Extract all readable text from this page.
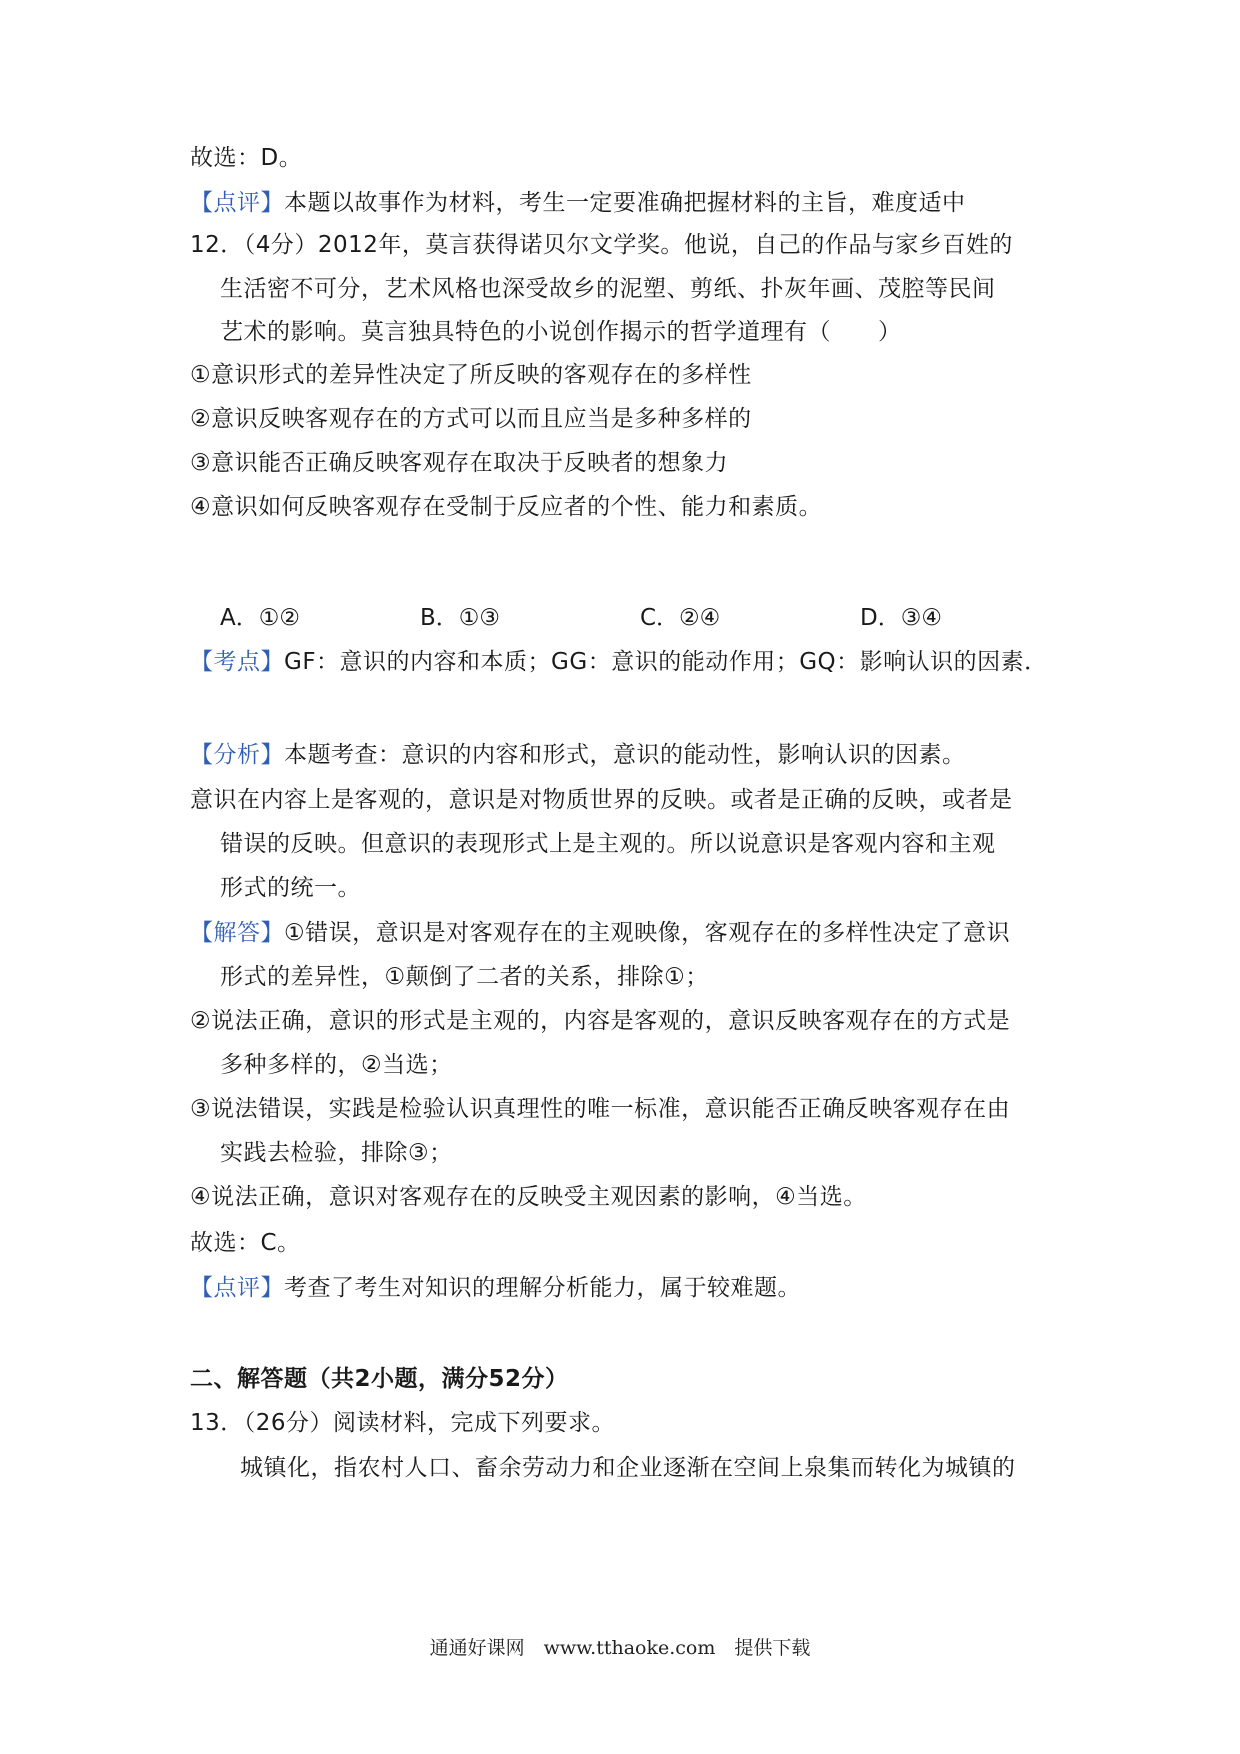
故选：D。
【点评】本题以故事作为材料，考生一定要准确把握材料的主旨，难度适中
12．（4分）2012年，莫言获得诺贝尔文学奖。他说，自己的作品与家乡百姓的
生活密不可分，艺术风格也深受故乡的泥塑、剪纸、扑灰年画、茂腔等民间
艺术的影响。莫言独具特色的小说创作揭示的哲学道理有（　　）
①意识形式的差异性决定了所反映的客观存在的多样性
②意识反映客观存在的方式可以而且应当是多种多样的
③意识能否正确反映客观存在取决于反映者的想象力
④意识如何反映客观存在受制于反应者的个性、能力和素质。
A．①②	B．①③	C．②④	D．③④
【考点】GF：意识的内容和本质；GG：意识的能动作用；GQ：影响认识的因素．
【分析】本题考查：意识的内容和形式，意识的能动性，影响认识的因素。
意识在内容上是客观的，意识是对物质世界的反映。或者是正确的反映，或者是
错误的反映。但意识的表现形式上是主观的。所以说意识是客观内容和主观
形式的统一。
【解答】①错误，意识是对客观存在的主观映像，客观存在的多样性决定了意识
形式的差异性，①颠倒了二者的关系，排除①；
②说法正确，意识的形式是主观的，内容是客观的，意识反映客观存在的方式是
多种多样的，②当选；
③说法错误，实践是检验认识真理性的唯一标准，意识能否正确反映客观存在由
实践去检验，排除③；
④说法正确，意识对客观存在的反映受主观因素的影响，④当选。
故选：C。
【点评】考查了考生对知识的理解分析能力，属于较难题。
二、解答题（共2小题，满分52分）
13．（26分）阅读材料，完成下列要求。
城镇化，指农村人口、畜余劳动力和企业逐渐在空间上泉集而转化为城镇的
通通好课网　www.tthaoke.com　提供下载
